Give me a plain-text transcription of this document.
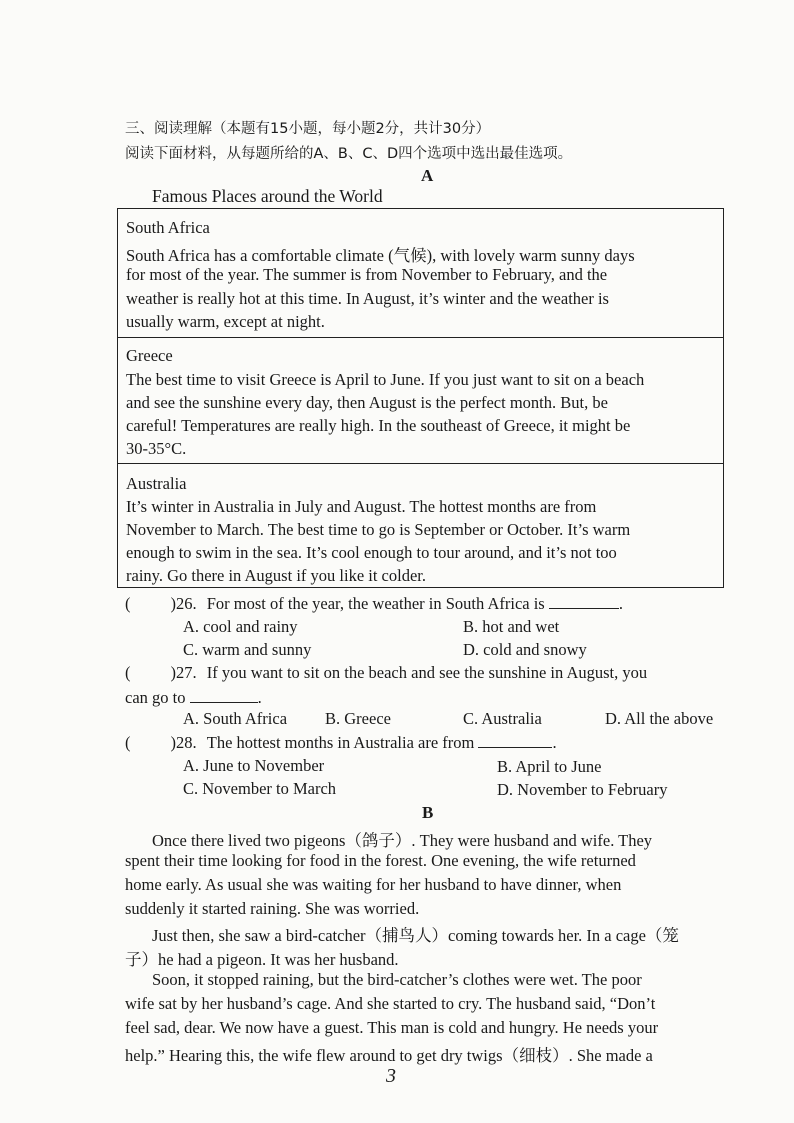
三、阅读理解（本题有15小题，每小题2分，共计30分）
阅读下面材料，从每题所给的A、B、C、D四个选项中选出最佳选项。
A
Famous Places around the World
South Africa
South Africa has a comfortable climate (气候), with lovely warm sunny days
for most of the year. The summer is from November to February, and the
weather is really hot at this time. In August, it’s winter and the weather is
usually warm, except at night.
Greece
The best time to visit Greece is April to June. If you just want to sit on a beach
and see the sunshine every day, then August is the perfect month. But, be
careful! Temperatures are really high. In the southeast of Greece, it might be
30-35°C.
Australia
It’s winter in Australia in July and August. The hottest months are from
November to March. The best time to go is September or October. It’s warm
enough to swim in the sea. It’s cool enough to tour around, and it’s not too
rainy. Go there in August if you like it colder.
( )26. For most of the year, the weather in South Africa is	.
A. cool and rainy	B. hot and wet
C. warm and sunny	D. cold and snowy
( )27. If you want to sit on the beach and see the sunshine in August, you
can go to	.
A. South Africa B. Greece	C. Australia	D. All the above
( )28. The hottest months in Australia are from	.
A. June to November	B. April to June
C. November to March	D. November to February
B
Once there lived two pigeons（鸽子）. They were husband and wife. They
spent their time looking for food in the forest. One evening, the wife returned
home early. As usual she was waiting for her husband to have dinner, when
suddenly it started raining. She was worried.
Just then, she saw a bird-catcher（捕鸟人）coming towards her. In a cage（笼
子）he had a pigeon. It was her husband.
Soon, it stopped raining, but the bird-catcher’s clothes were wet. The poor
wife sat by her husband’s cage. And she started to cry. The husband said, “Don’t
feel sad, dear. We now have a guest. This man is cold and hungry. He needs your
help.” Hearing this, the wife flew around to get dry twigs（细枝）. She made a
3
